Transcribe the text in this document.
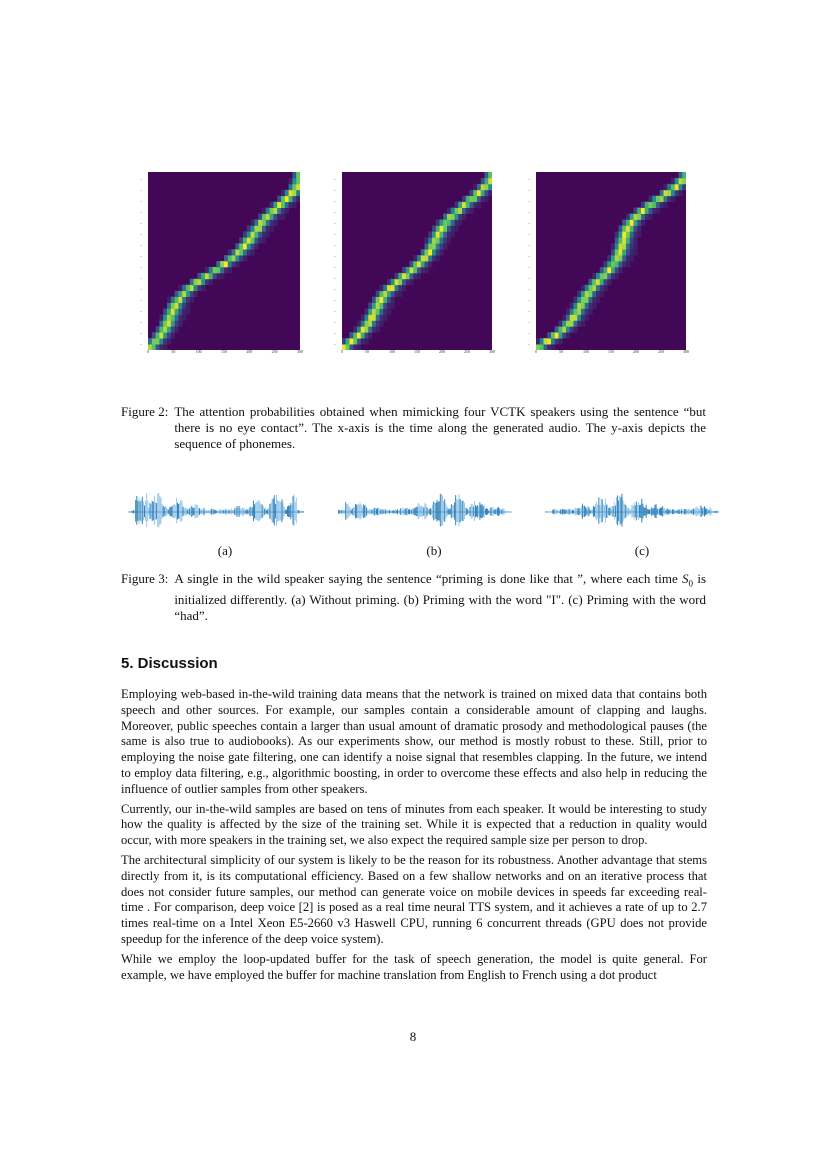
–
–
–
–
–
–
–
–
–
–
–
–
–
–
–
–
–
–
–
–
–
–
–
–
–
–
–
–
–
–
–
–
–
–
–
–
–
–
–
–
–
–
–
–
–
–
–
–
0	50	100	150	200	250	300	0	50	100	150	200	250	300	0	50	100	150	200	250	300
Figure 2: The attention probabilities obtained when mimicking four VCTK speakers using the sentence “but there is no eye contact”. The x-axis is the time along the generated audio. The y-axis depicts the sequence of phonemes.
(a)	(b)	(c)
Figure 3: A single in the wild speaker saying the sentence “priming is done like that ”, where each time $S_0$ is initialized differently. (a) Without priming. (b) Priming with the word "I". (c) Priming with the word “had”.
5. Discussion

Employing web-based in-the-wild training data means that the network is trained on mixed data that contains both speech and other sources. For example, our samples contain a considerable amount of clapping and laughs. Moreover, public speeches contain a larger than usual amount of dramatic prosody and methodological pauses (the same is also true to audiobooks). As our experiments show, our method is mostly robust to these. Still, prior to employing the noise gate filtering, one can identify a noise signal that resembles clapping. In the future, we intend to employ data filtering, e.g., algorithmic boosting, in order to overcome these effects and also help in reducing the influence of outlier samples from other speakers.

Currently, our in-the-wild samples are based on tens of minutes from each speaker. It would be interesting to study how the quality is affected by the size of the training set. While it is expected that a reduction in quality would occur, with more speakers in the training set, we also expect the required sample size per person to drop.

The architectural simplicity of our system is likely to be the reason for its robustness. Another advantage that stems directly from it, is its computational efficiency. Based on a few shallow networks and on an iterative process that does not consider future samples, our method can generate voice on mobile devices in speeds far exceeding real-time . For comparison, deep voice [2] is posed as a real time neural TTS system, and it achieves a rate of up to 2.7 times real-time on a Intel Xeon E5-2660 v3 Haswell CPU, running 6 concurrent threads (GPU does not provide speedup for the inference of the deep voice system).

While we employ the loop-updated buffer for the task of speech generation, the model is quite general. For example, we have employed the buffer for machine translation from English to French using a dot product

8
